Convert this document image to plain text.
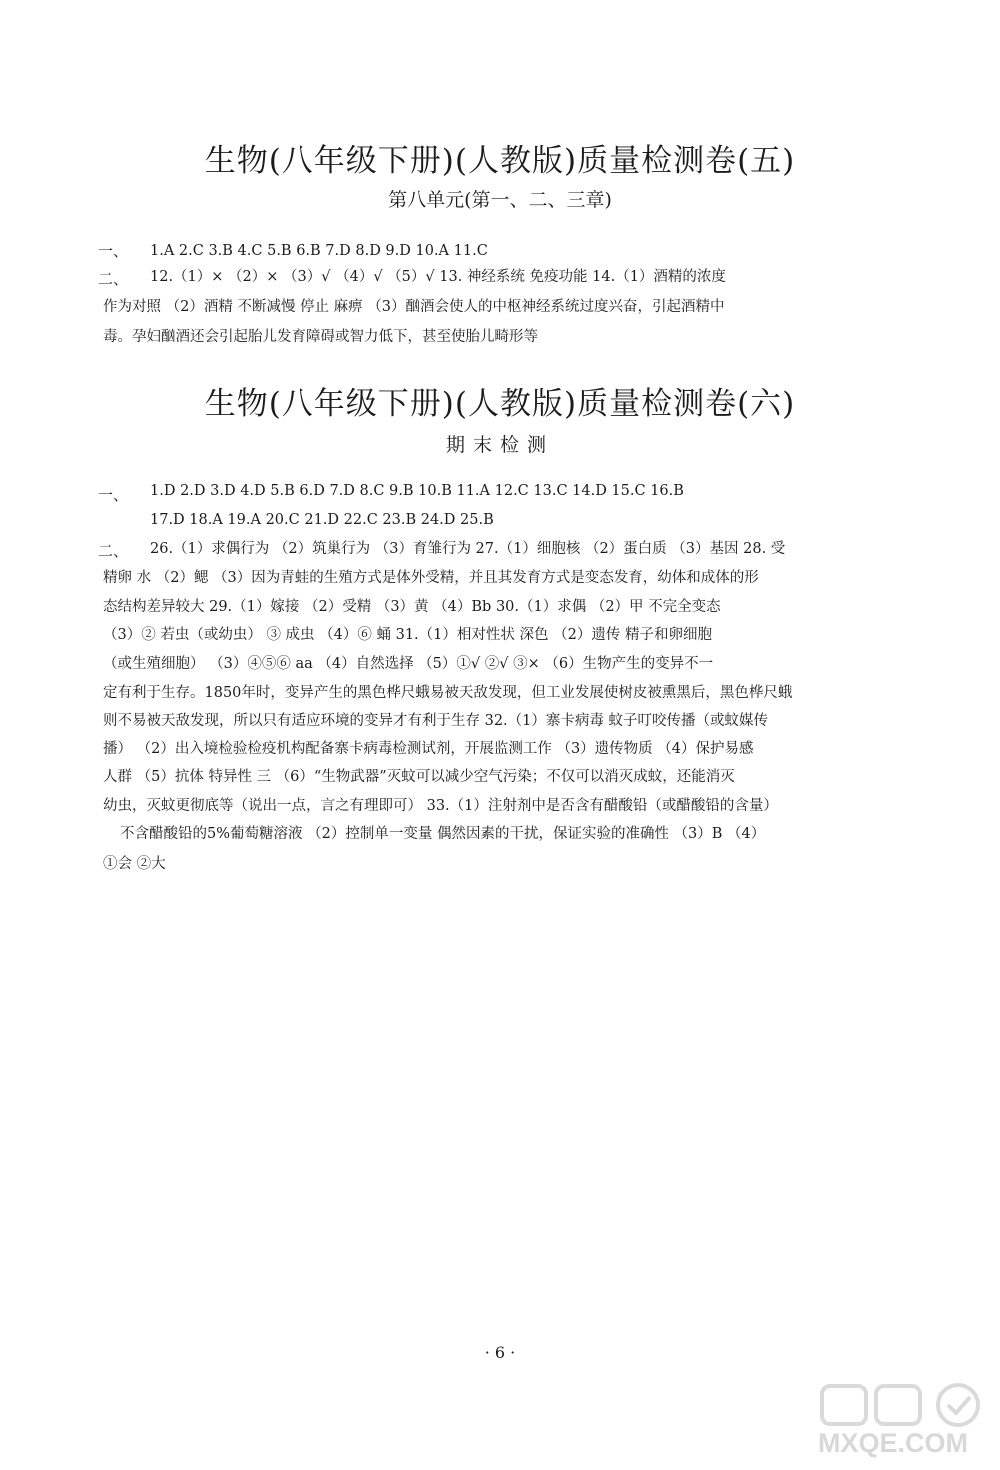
生物(八年级下册)(人教版)质量检测卷(五)
第八单元(第一、二、三章)
一、 1.A 2.C 3.B 4.C 5.B 6.B 7.D 8.D 9.D 10.A 11.C
二、 12.（1）× （2）× （3）√ （4）√ （5）√ 13. 神经系统 免疫功能 14.（1）酒精的浓度
作为对照 （2）酒精 不断减慢 停止 麻痹 （3）酗酒会使人的中枢神经系统过度兴奋，引起酒精中
毒。孕妇酗酒还会引起胎儿发育障碍或智力低下，甚至使胎儿畸形等
生物(八年级下册)(人教版)质量检测卷(六)
期末检测
一、 1.D 2.D 3.D 4.D 5.B 6.D 7.D 8.C 9.B 10.B 11.A 12.C 13.C 14.D 15.C 16.B
17.D 18.A 19.A 20.C 21.D 22.C 23.B 24.D 25.B
二、 26.（1）求偶行为 （2）筑巢行为 （3）育雏行为 27.（1）细胞核 （2）蛋白质 （3）基因 28. 受
精卵 水 （2）鳃 （3）因为青蛙的生殖方式是体外受精，并且其发育方式是变态发育，幼体和成体的形
态结构差异较大 29.（1）嫁接 （2）受精 （3）黄 （4）Bb 30.（1）求偶 （2）甲 不完全变态
（3）② 若虫（或幼虫） ③ 成虫 （4）⑥ 蛹 31.（1）相对性状 深色 （2）遗传 精子和卵细胞
（或生殖细胞） （3）④⑤⑥ aa （4）自然选择 （5）①√ ②√ ③× （6）生物产生的变异不一
定有利于生存。1850年时，变异产生的黑色桦尺蛾易被天敌发现，但工业发展使树皮被熏黑后，黑色桦尺蛾
则不易被天敌发现，所以只有适应环境的变异才有利于生存 32.（1）寨卡病毒 蚊子叮咬传播（或蚊媒传
播） （2）出入境检验检疫机构配备寨卡病毒检测试剂，开展监测工作 （3）遗传物质 （4）保护易感
人群 （5）抗体 特异性 三 （6）“生物武器”灭蚊可以减少空气污染；不仅可以消灭成蚊，还能消灭
幼虫，灭蚊更彻底等（说出一点，言之有理即可） 33.（1）注射剂中是否含有醋酸铅（或醋酸铅的含量）
不含醋酸铅的5%葡萄糖溶液 （2）控制单一变量 偶然因素的干扰，保证实验的准确性 （3）B （4）
①会 ②大
· 6 ·
MXQE.COM
